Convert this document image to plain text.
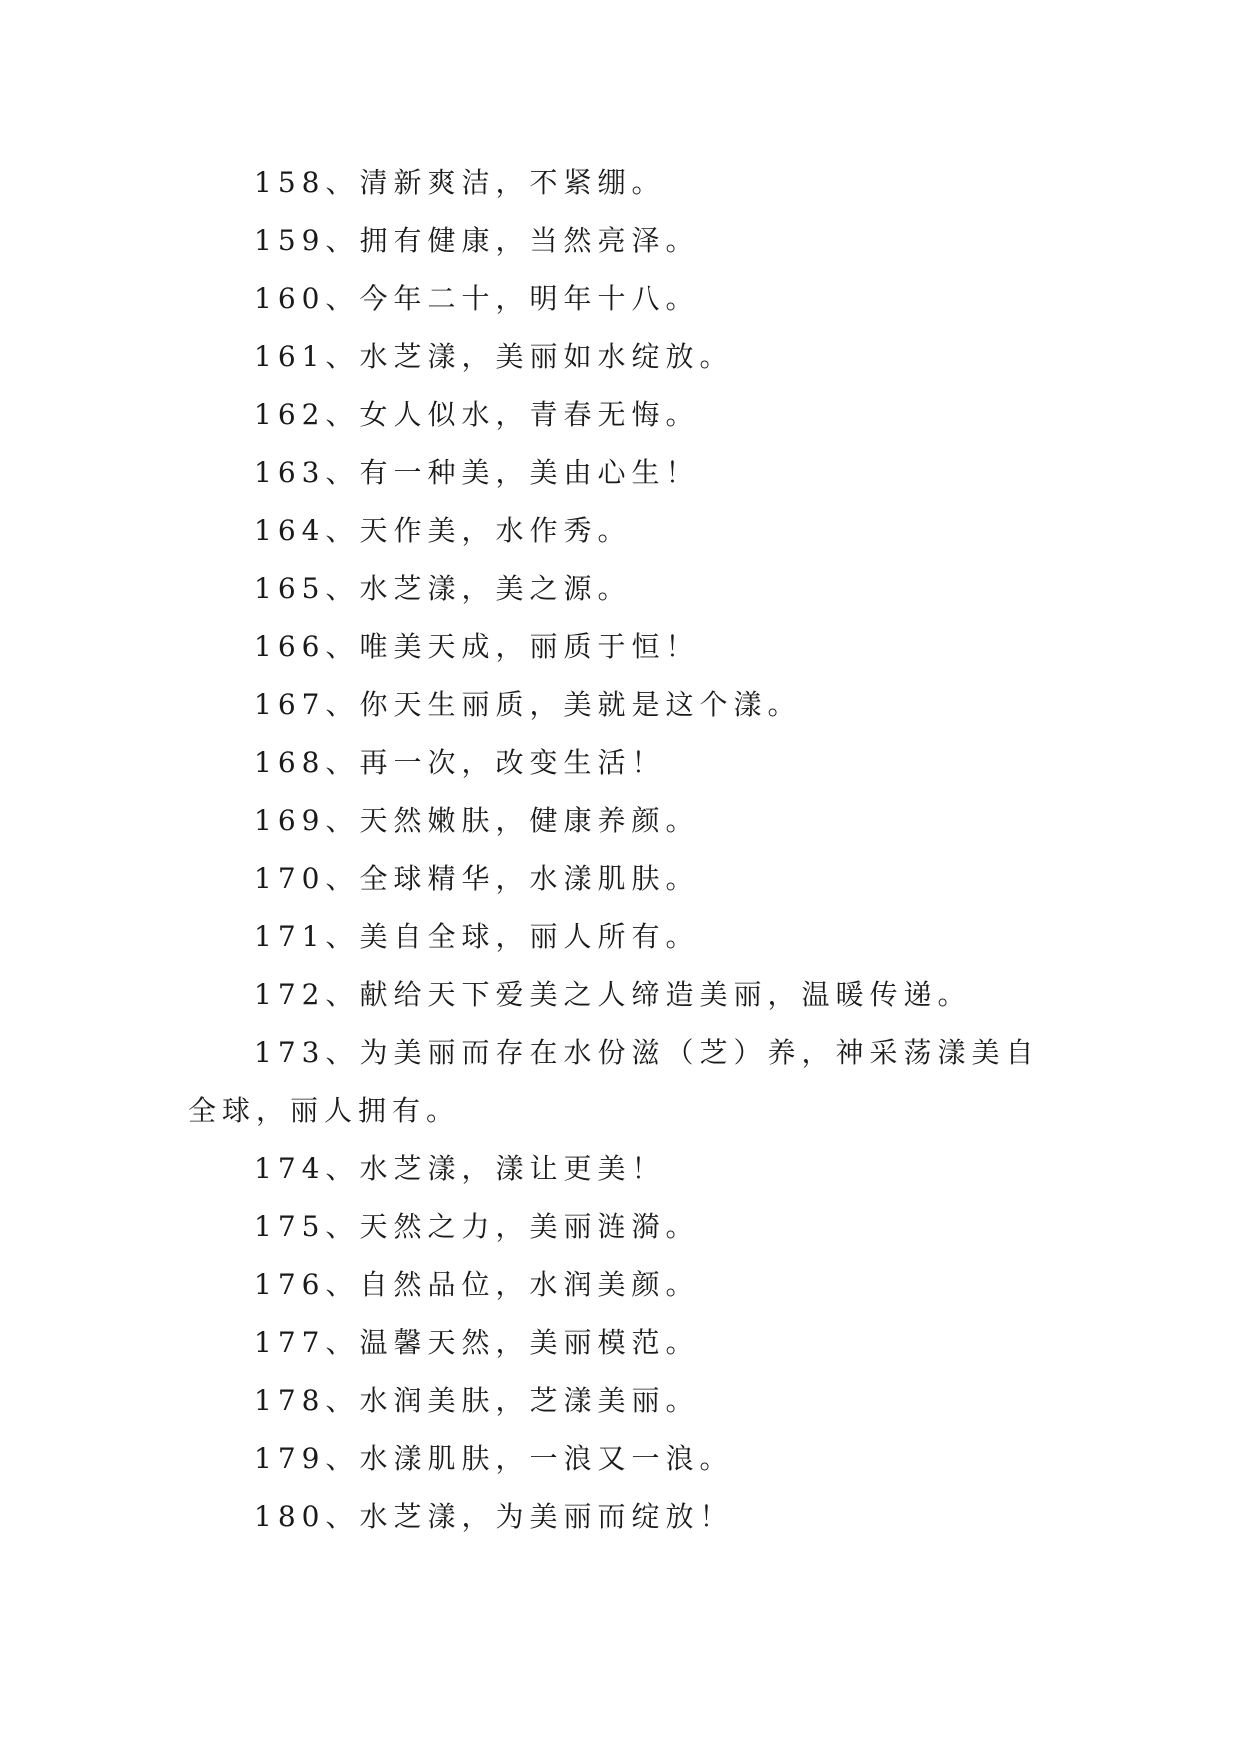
158、清新爽洁，不紧绷。

159、拥有健康，当然亮泽。

160、今年二十，明年十八。

161、水芝漾，美丽如水绽放。

162、女人似水，青春无悔。

163、有一种美，美由心生！

164、天作美，水作秀。

165、水芝漾，美之源。

166、唯美天成，丽质于恒！

167、你天生丽质，美就是这个漾。

168、再一次，改变生活！

169、天然嫩肤，健康养颜。

170、全球精华，水漾肌肤。

171、美自全球，丽人所有。

172、献给天下爱美之人缔造美丽，温暖传递。

173、为美丽而存在水份滋（芝）养，神采荡漾美自全球，丽人拥有。

174、水芝漾，漾让更美！

175、天然之力，美丽涟漪。

176、自然品位，水润美颜。

177、温馨天然，美丽模范。

178、水润美肤，芝漾美丽。

179、水漾肌肤，一浪又一浪。

180、水芝漾，为美丽而绽放！
